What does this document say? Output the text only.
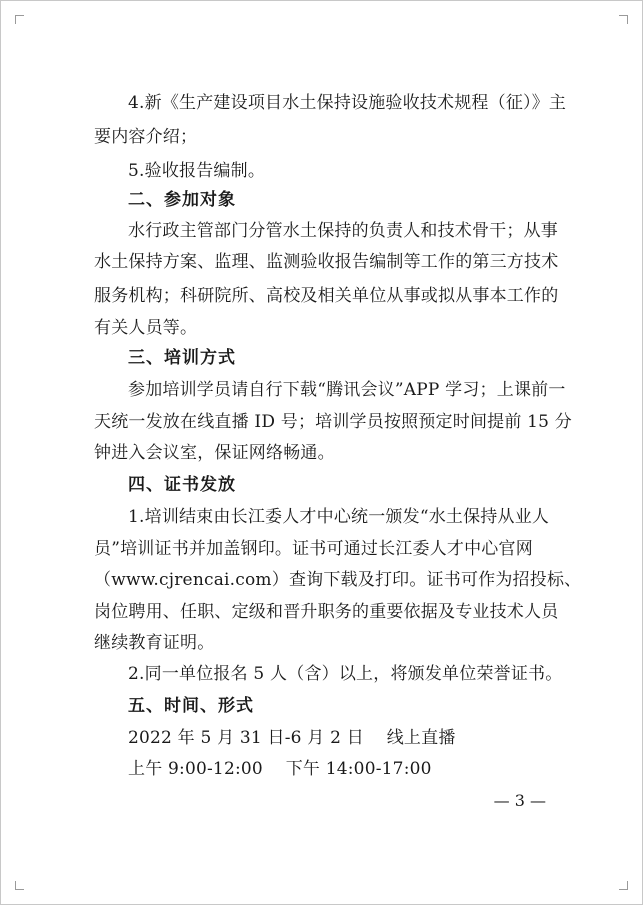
4.新《生产建设项目水土保持设施验收技术规程（征）》主
要内容介绍；
5.验收报告编制。
二、参加对象
水行政主管部门分管水土保持的负责人和技术骨干；从事
水土保持方案、监理、监测验收报告编制等工作的第三方技术
服务机构；科研院所、高校及相关单位从事或拟从事本工作的
有关人员等。
三、培训方式
参加培训学员请自行下载“腾讯会议”APP 学习；上课前一
天统一发放在线直播 ID 号；培训学员按照预定时间提前 15 分
钟进入会议室，保证网络畅通。
四、证书发放
1.培训结束由长江委人才中心统一颁发“水土保持从业人
员”培训证书并加盖钢印。证书可通过长江委人才中心官网
（www.cjrencai.com）查询下载及打印。证书可作为招投标、
岗位聘用、任职、定级和晋升职务的重要依据及专业技术人员
继续教育证明。
2.同一单位报名 5 人（含）以上，将颁发单位荣誉证书。
五、时间、形式
2022 年 5 月 31 日-6 月 2 日　 线上直播
上午 9:00-12:00　 下午 14:00-17:00
— 3 —
